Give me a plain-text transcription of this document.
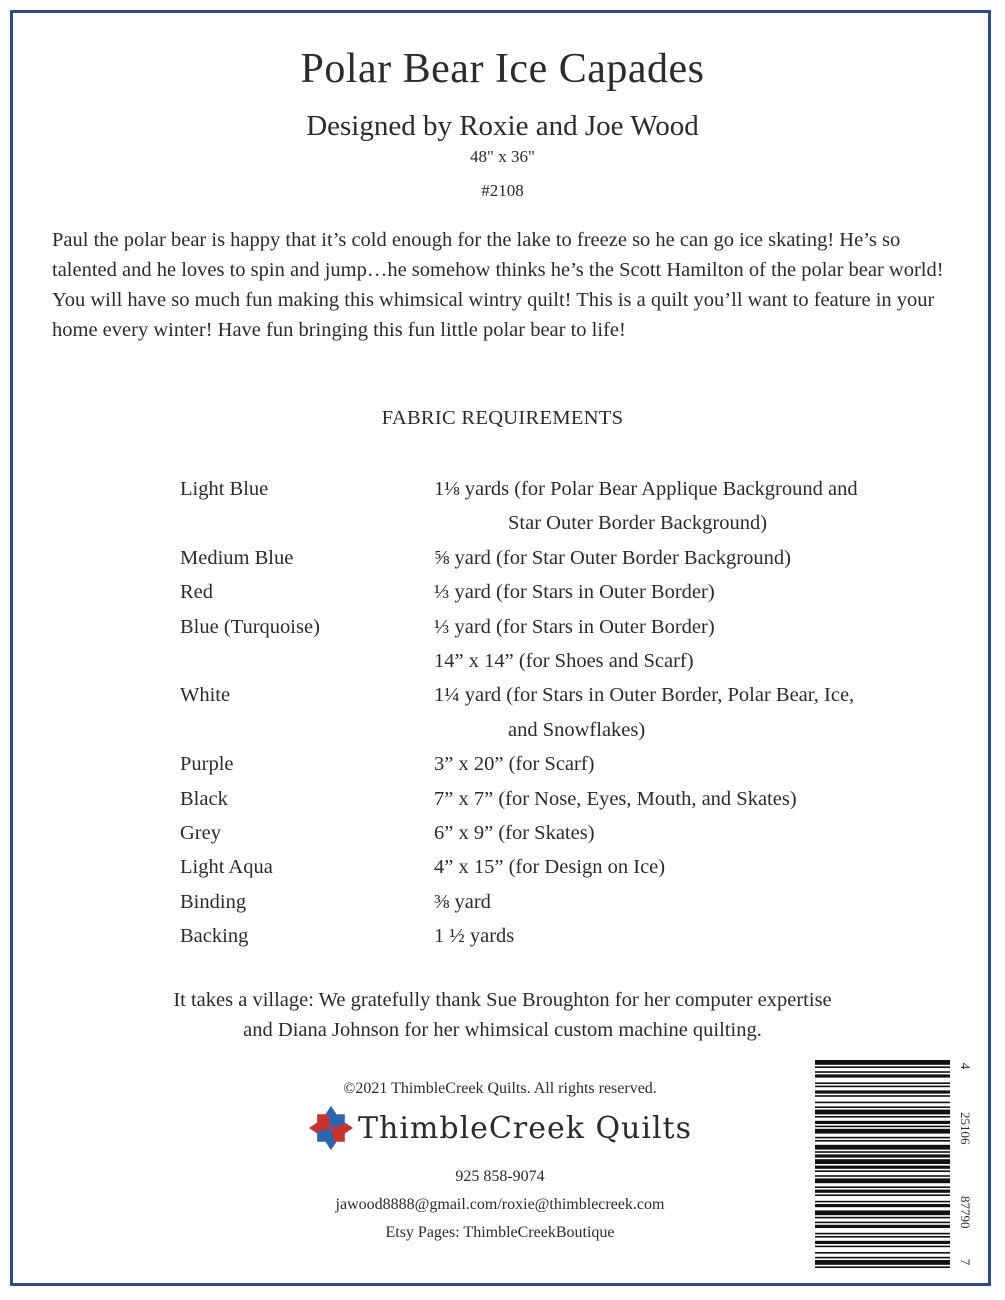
Polar Bear Ice Capades
Designed by Roxie and Joe Wood
48" x 36"
#2108
Paul the polar bear is happy that it’s cold enough for the lake to freeze so he can go ice skating! He’s so talented and he loves to spin and jump…he somehow thinks he’s the Scott Hamilton of the polar bear world! You will have so much fun making this whimsical wintry quilt! This is a quilt you’ll want to feature in your home every winter! Have fun bringing this fun little polar bear to life!
FABRIC REQUIREMENTS
Light Blue	1⅛ yards (for Polar Bear Applique Background and
Star Outer Border Background)
Medium Blue	⅝ yard (for Star Outer Border Background)
Red	⅓ yard (for Stars in Outer Border)
Blue (Turquoise)	⅓ yard (for Stars in Outer Border)
14” x 14” (for Shoes and Scarf)
White	1¼ yard (for Stars in Outer Border, Polar Bear, Ice,
and Snowflakes)
Purple	3” x 20” (for Scarf)
Black	7” x 7” (for Nose, Eyes, Mouth, and Skates)
Grey	6” x 9” (for Skates)
Light Aqua	4” x 15” (for Design on Ice)
Binding	⅜ yard
Backing	1 ½ yards
It takes a village: We gratefully thank Sue Broughton for her computer expertise
and Diana Johnson for her whimsical custom machine quilting.
©2021 ThimbleCreek Quilts. All rights reserved.
ThimbleCreek Quilts
925 858-9074
jawood8888@gmail.com/roxie@thimblecreek.com
Etsy Pages: ThimbleCreekBoutique
7
87790
25106
4
